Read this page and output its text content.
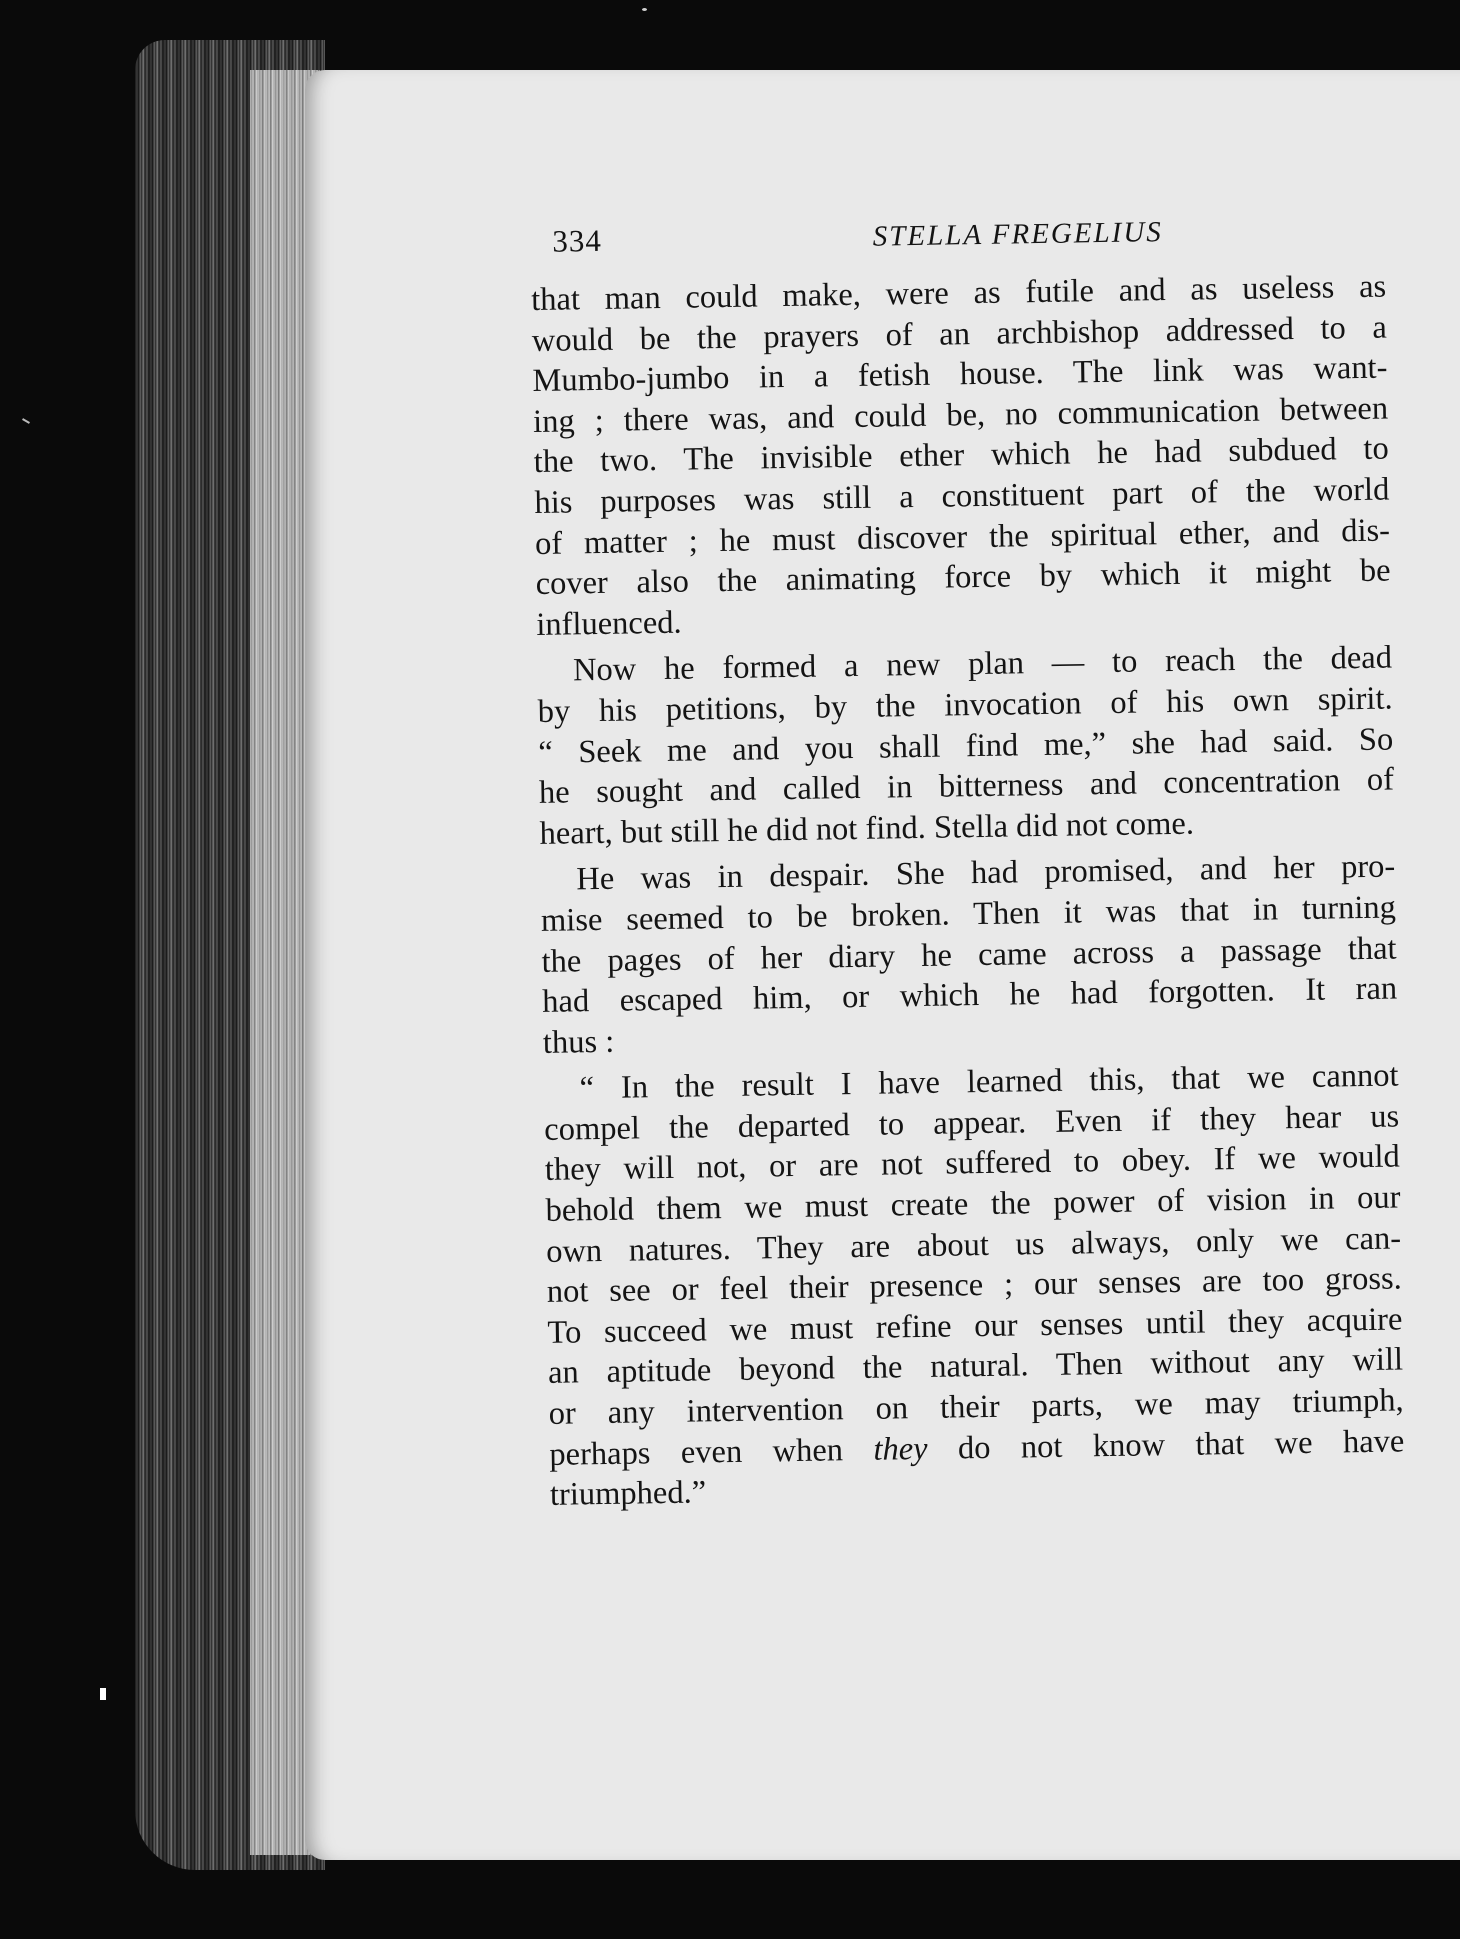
334	STELLA FREGELIUS
that man could make, were as futile and as useless as
would be the prayers of an archbishop addressed to a
Mumbo-jumbo in a fetish house. The link was want-
ing ; there was, and could be, no communication between
the two. The invisible ether which he had subdued to
his purposes was still a constituent part of the world
of matter ; he must discover the spiritual ether, and dis-
cover also the animating force by which it might be
influenced.
Now he formed a new plan — to reach the dead
by his petitions, by the invocation of his own spirit.
“ Seek me and you shall find me,” she had said. So
he sought and called in bitterness and concentration of
heart, but still he did not find. Stella did not come.
He was in despair. She had promised, and her pro-
mise seemed to be broken. Then it was that in turning
the pages of her diary he came across a passage that
had escaped him, or which he had forgotten. It ran
thus :
“ In the result I have learned this, that we cannot
compel the departed to appear. Even if they hear us
they will not, or are not suffered to obey. If we would
behold them we must create the power of vision in our
own natures. They are about us always, only we can-
not see or feel their presence ; our senses are too gross.
To succeed we must refine our senses until they acquire
an aptitude beyond the natural. Then without any will
or any intervention on their parts, we may triumph,
perhaps even when they do not know that we have
triumphed.”
